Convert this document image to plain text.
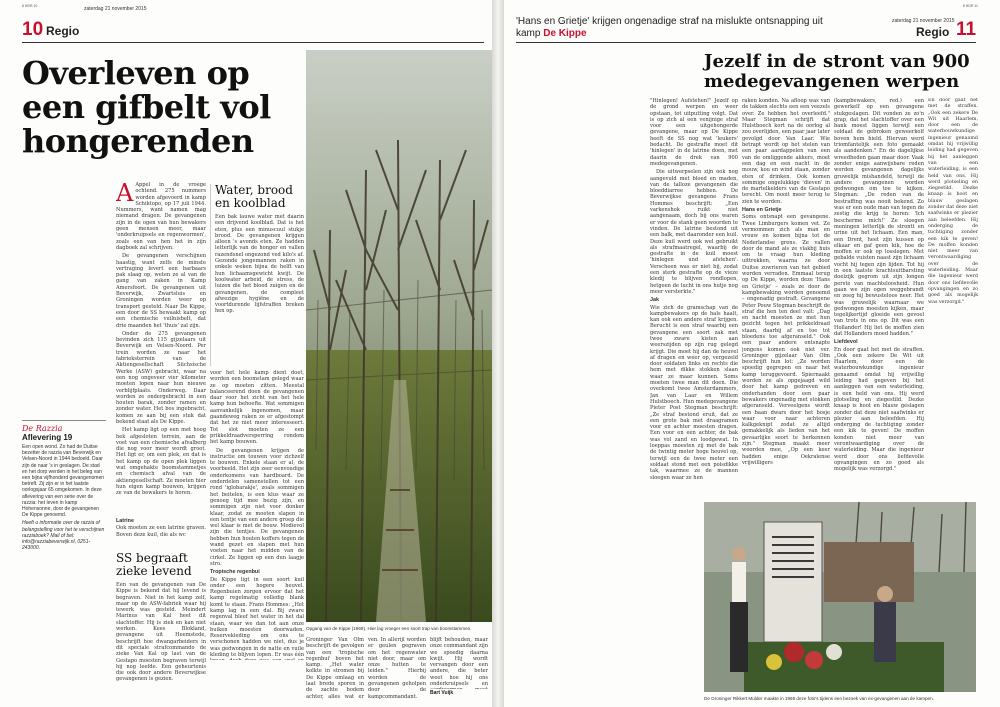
8 HDR 10
10 Regio
zaterdag 21 november 2015
Overleven op een gifbelt vol hongerenden
A Appel in de vroege ochtend. 275 nummers worden afgevoerd in kamp Schiktopo, op 17 juli 1944. Nummers, want namen mag niemand dragen. De gevangenen zijn in de ogen van hun bewakers geen mensen meer, maar 'onderkruipsels en regenwormen', zoals een van hen het in zijn dagboek zal schrijven.

De gevangenen verschijnen haastig, want zelfs de minste vertraging levert een barbaars pak slaag op, weten ze al van de gang van zaken in Kamp Amersfoort. De gevangenen uit Beverwijk, Zwartsluis en Groningen worden weer op transport gesteld. Naar De Kippe, een door de SS bewaakt kamp op een chemische vuilnisbelt, dat drie maanden het 'thuis' zal zijn.

Onder de 275 gevangenen bevinden zich 115 gijzelaars uit Beverwijk en Velsen-Noord. Per trein worden ze naar het fabrieksterrein van de Aktiengesellschaft Süchsische Werke (ASW) gebracht, waar na een nog ongeveer vier kilometer moeten lopen naar hun nieuwe verblijfplaats. Onderweg. Daar worden ze ondergebracht in een houten barak, zonder ramen en zonder water. Het bos ingebracht, komen ze aan bij een stuk dat bekend staat als De Kippe.

Het kamp ligt op een met hoog hek afgesloten terrein, aan de voet van een chemische afvalberg die nog voor meer wordt groot. Het ligt er, om een plek, en dat is het kamp op de open plek liggen wat omgehakte boomstammetjes en chemisch afval van de aktiengesellschaft. Ze moeten hier hun eigen kamp bouwen, krijgen ze van de bewakers te horen.

Latrine

Ook moeten ze een latrine graven. Boven deze kuil, die als wc

Water, brood en koolblad

Een bak lauwe water met daarin een drijvend koolblad. Dat is het eten, plus een minuscuul stukje brood. De gevangenen krijgen alleen 's avonds eten. Ze hadden letterlijk van de honger en vallen razendsnel ongezond ved kilo's af. Gezonde jongemannen raken in enkele weken bijna de helft van hun lichaamsgewicht kwijt. De koolwater arbeid, de stress, de luizen die het bloed zuigen en de gevangenen, de compleet afwezige hygiëne en de voortdurende lijfstraffen breken hen op.

voor het hele kamp dient doet, worden een boomstam gelegd waar ze op moeten zitten. Meestal balanceerend doen de gevangenen daar voor het zicht van het hele kamp hun behoefte. Wat sommigen aanvankelijk ingenomen, maar gaandeweg raken ze er afgestompt dat het ze niet meer interesseert. Tot slot moeten ze een prikkeldraadversperring rondom het kamp bouwen.

De gevangenen krijgen de instructie om touwen voor zichzelf te bouwen. Enkele staan er al, de voorbeeld. Het zijn zeer eenvoudige onderkomens van hardboard. De onderdelen samenstellen tot een rond 'iglobarakje', zoals sommigen het beitelen, is een klus waar ze genoeg tijd mee bezig zijn, en sommigen zijn niet voor donker klaar, zodat ze moeten slapen in een tentje van een andere groep die wel klaar is met de bouw. Modievol zijn die tentjes. De gevangenen hebben hun houten koffers tegen de wand gezet en slapen met hun voeten naar het midden van de cirkel. Ze liggen op een dun laagje stro.

Tropische regenbui

De Kippe ligt in een soort kuil onder een hogere heuvel. Regenbuien zorgen ervoor dat het kamp regelmatig volledig blank komt te staan. Frans Hommes: „Het kamp lag in een dal. Bij zware regenval bleef het water in het dal staan, waar we dan tot aan onze buiken moesten doorwaden. Reservekleding om ons te verschonen hadden we niet, dus je was gedwongen in de natte en vuile kleding te blijven lopen. Er was één

De Razzia
Aflevering 19

Een open wond. Zo had de Duitse bezetter de razzia van Beverwijk en Velsen-Noord in 1944 bedoeld. Daar zijn de naar 's in geslagen. De stad en het dorp werden in het beleg van een bijna vijfhonderd gevangenomen betreft. Zij zijn er in het laatste oorlogsjaar 65 omgekomen. In deze aflevering van een serie over de razzia: het leven in kamp Hohensonne, door de gevangenen De Kippe genoemd.

Heeft u informatie over de razzia of belangstelling voor het te verschijnen razziaboek? Mail of bel: info@razziabeverwijk.nl, 0251-243000.

SS begraaft zieke levend

Eén van de gevangenen van De Kippe is bekend dat hij levend is begraven. Niet in het kamp zelf, maar op de ASW-fabriek waar hij tewerk was gesteld. Meindert Marinus van Kal heet dit slachtoffer. Hij is ziek en kan niet werken. Kees Blokland, gevangene uit Heemstede, beschrijft hoe dwangarbeiders in dit speciale strafcommando de zieke Van Kal op last van de Gestapo moesten begraven terwijl hij nog leefde. Een geheurtenis die ook door andere Beverwijkse gevangenen is gezien.

Opgang van de Kippe (1969). Hier lag vroeger een soort trap van boomstammen.

Groninger Van Olm beschrijft de gevolgen van een 'tropische regenbui' boven het kamp. „Het water kolkte in stromen bij De Kippe omlaag en laat brede sporen in de zachte bodem achter, alles wat er

ven. In allerijl worden er geulen gegraven om het regenwater niet door, maar om onze hutten te leiden." Hierbij worden de gevangenen geholpen door de kampcommandant.

blijft behouden, maar onze commandant zijn we spoedig daarna kwijt. Hij wordt vervangen door een andere, die beter weet hoe hij ons onderkruipsels en

Bart Vuijk
8 HDR 11
'Hans en Grietje' krijgen ongenadige straf na mislukte ontsnapping uit kamp De Kippe
zaterdag 21 november 2015
Regio 11
Jezelf in de stront van 900 medegevangenen werpen

"Hinlegen! Aufstehen!" Jezelf op de grond werpen en weer opstaan, tot uitputting volgt. Dat is op zich al een venijnige straf voor een uitgehongerde gevangene, maar op De Kippe heeft de SS nog wat 'leukers' bedacht. De gestrafte moet dit 'hinlegen' in de latrine doen, met daarin de drek van 900 medegevangenen.

Die uitwerpselen zijn ook nog aangevuld met bloed en maden, van de talloze gevangenen die bloeddiarree hebben. De Beverwijkse gevangene Frans Hommes beschrijft: „Een varkenshok ruikt niet aangenaam, doch bij ons waren er voor de stank geen woorden te vinden. De latrine bestond uit een balk, met daaronder een kuil. Deze kuil werd ook wel gebruikt als strafmaatregel, waarbij de gestrafte in de kuil moest 'hinlegen und afstehen'. Verscheen was er niet bij, zodat een sterk gestrafte op de vieze kledij te blijven rondlopen, hetgeen de lucht in ons hutje nog meer versterkte."

Jak

Wie zich de gramschap van de kampbewakers op de hals haalt, kan ook een andere straf krijgen. Berucht is een straf waarbij een gevangene een soort zak met twee zware kisten aan weerszijden op zijn rug gelegd krijgt. Die moet hij dan de heuvel af dragen en weer op, vergezeld door soldaten links en rechts die hem met dikke stokken slaan waar ze maar kunnen. Soms moeten twee man dit doen. Die overkomt twee Amsterdammers, Jan van Laar en Willem Hulstboech. Hun medegevangene Pieter Post Stegman beschrijft: „Ze straf bestond eruit, dat ze een grote bak met draagramen voor en achter moesten dragen. Een voor en een achter, de bak was vol zand en loodgewat. In loeppas moesten zij met de bak de twintig meter hoge heuvel op, terwijl een de twee meter een soldaat stond met een polsdikke tak, waarmee ze de mannen sloegen waar ze hen

raken konden. Na afloop was van de takken slechts een een veezels over. Ze hebben het overleefd." Maar Stegman schrijft dat Hulstboech kort na de oorlog al zou overlijden, een paar jaar later gevolgd door Van Laar. Wie betrapt wordt op het stelen van een paar aardappelen van een van de omliggende akkers, moet een dag en een nacht in de mouw, kou en wind staan, zonder eten of drinken. Ook komen sommige ongelukkige 'dieven' in de martelkelders van de Gestapo terecht. Om nooit meer terug te zien te worden.

Hans en Grietje

Soms ontsnapt een gevangene. Twee Limburgers komen vet. Ze vermommen zich als man en vrouw en komen bijna tot de Nederlandse grens. Ze vallen door de mand als ze vlakbij huis om te vraag hun kleding uittrekken, waarna ze door Duitse zuwrieren van het gebied worden verraden. Emmaal terug op De Kippe, worden deze 'Hans en Grietje' – zoals ze door de kampbewaking worden genoemd – ongenadig gestraft. Gevangene Peter Pouw Stegman beschrijft de straf die hen ten deel valt: „Dag en nacht moesten ze met hun gezicht tegen het prikkeldraad staan, daarbij af en toe tot bloedens toe afgeranseld." Ook een paar andere ontsnapte jongens komen ook niet ver. Groninger gijzelaar Van Olm beschrijft hun lot: „Ze worden spoedig gegrepen en naar het kamp teruggevoerd. Spiernaakt worden ze als opgejaagd wild door het kamp gedreven en onderhanden door een paar bewakers ongenadig met stokken afgeranseld. Verveelgens wordt een baan dwars door het bosje waar voor naar achteren kalkgeknipt zodat ze altijd gemakkelijk als lieden van het gevaarlijke soort te herkennen zijn." Stegman maakt meer woorden mee, „Op een keer hadden enige Oekraïense vrijwilligers

(kampbewakers, red.) een gewerkelf op een gevangene stukgeslagen. Dit vonden ze zo'n grap, dat het slachtoffer over een bank moest liggen terwijl een soldaat de gebroken geweerkolf boven hem hield. Hiervan werd triomfantelijk een foto gemaakt als aandenken." En de dagelijkse wreedheden gaan maar door. Vaak zonder enige aanwijsbare reden worden gevangenen dagelijks gruwelijk mishandeld, terwijl de andere gevangenen worden gedwongen om toe te kijken. Stegman: „De reden van de bestraffing was nooit bekend. Zo was er een oude man van tegen de zestig die krijg te horen: 'Ich bescherme mich!' Ze sloegen meningen letterlijk de strontt en urine uit het lichaam. Een man, een Drent, heet zijn kussen op elkaar en gaf geen kik, hoe de moffen er ook op losslegen. Met gebalde vuisten naast zijn lichaam vocht hij tegen zijn lijden. Tot hij in een laatste krachtsuitbarsting doelzijk gegrom uit zijn longen perste van machteloosheid. Hun gaan we zijn ogen weggebrandt en zeeg hij bewusteloos neer. Het was gruwelijk waarnaar we gedwongen moesten kijken, maar tegelijkertijd gloeide een gevoel van trots in ons op. Dit was een Hollander! Hij liet de moffen zien dat Hollanders moed hadden."

Liefdevol

En door gaat het met de straffen. „Ook een zekere De Wit uit Haarlem, door een de waterbouwkundige ingenieur genaamd omdat hij vrijwillig leiding had gegeven bij het aanleggen van een waterleiding, is een held van ons. Hij werd plotseling en ziegestild. Dezke knaap is hoot en blauw geslagen zonder dat deze niet saafwinks er plezier aan beleefden. Hij onderging de tuchtiging zonder een kik te geven! De moffen konden niet meer van verontwaardiging over de waterleiding. Maar die ingenieur werd door ons liefdevolle opvangingen en zo goed als mogelijk was verzorgd."

En door gaat het met de straffen. „Ook een zekere De Wit uit Haarlem, door een de waterbouwkundige ingenieur genaamd omdat hij vrijwillig leiding had gegeven bij het aanleggen van een waterleiding, is een held van ons. Hij werd plotseling en ziegestild. Dezke knaap is hoot en blauw geslagen zonder dat deze niet saafwinks er plezier aan beleefden. Hij onderging de tuchtiging zonder een kik te geven! De moffen konden niet meer van verontwaardiging over de waterleiding. Maar die ingenieur werd door ons liefdevolle opvangingen en zo goed als mogelijk was verzorgd."

De Groninger Rikkert Mulder maakte in 1969 deze foto's tijdens een bezoek van ex-gevangenen aan de kampen.
